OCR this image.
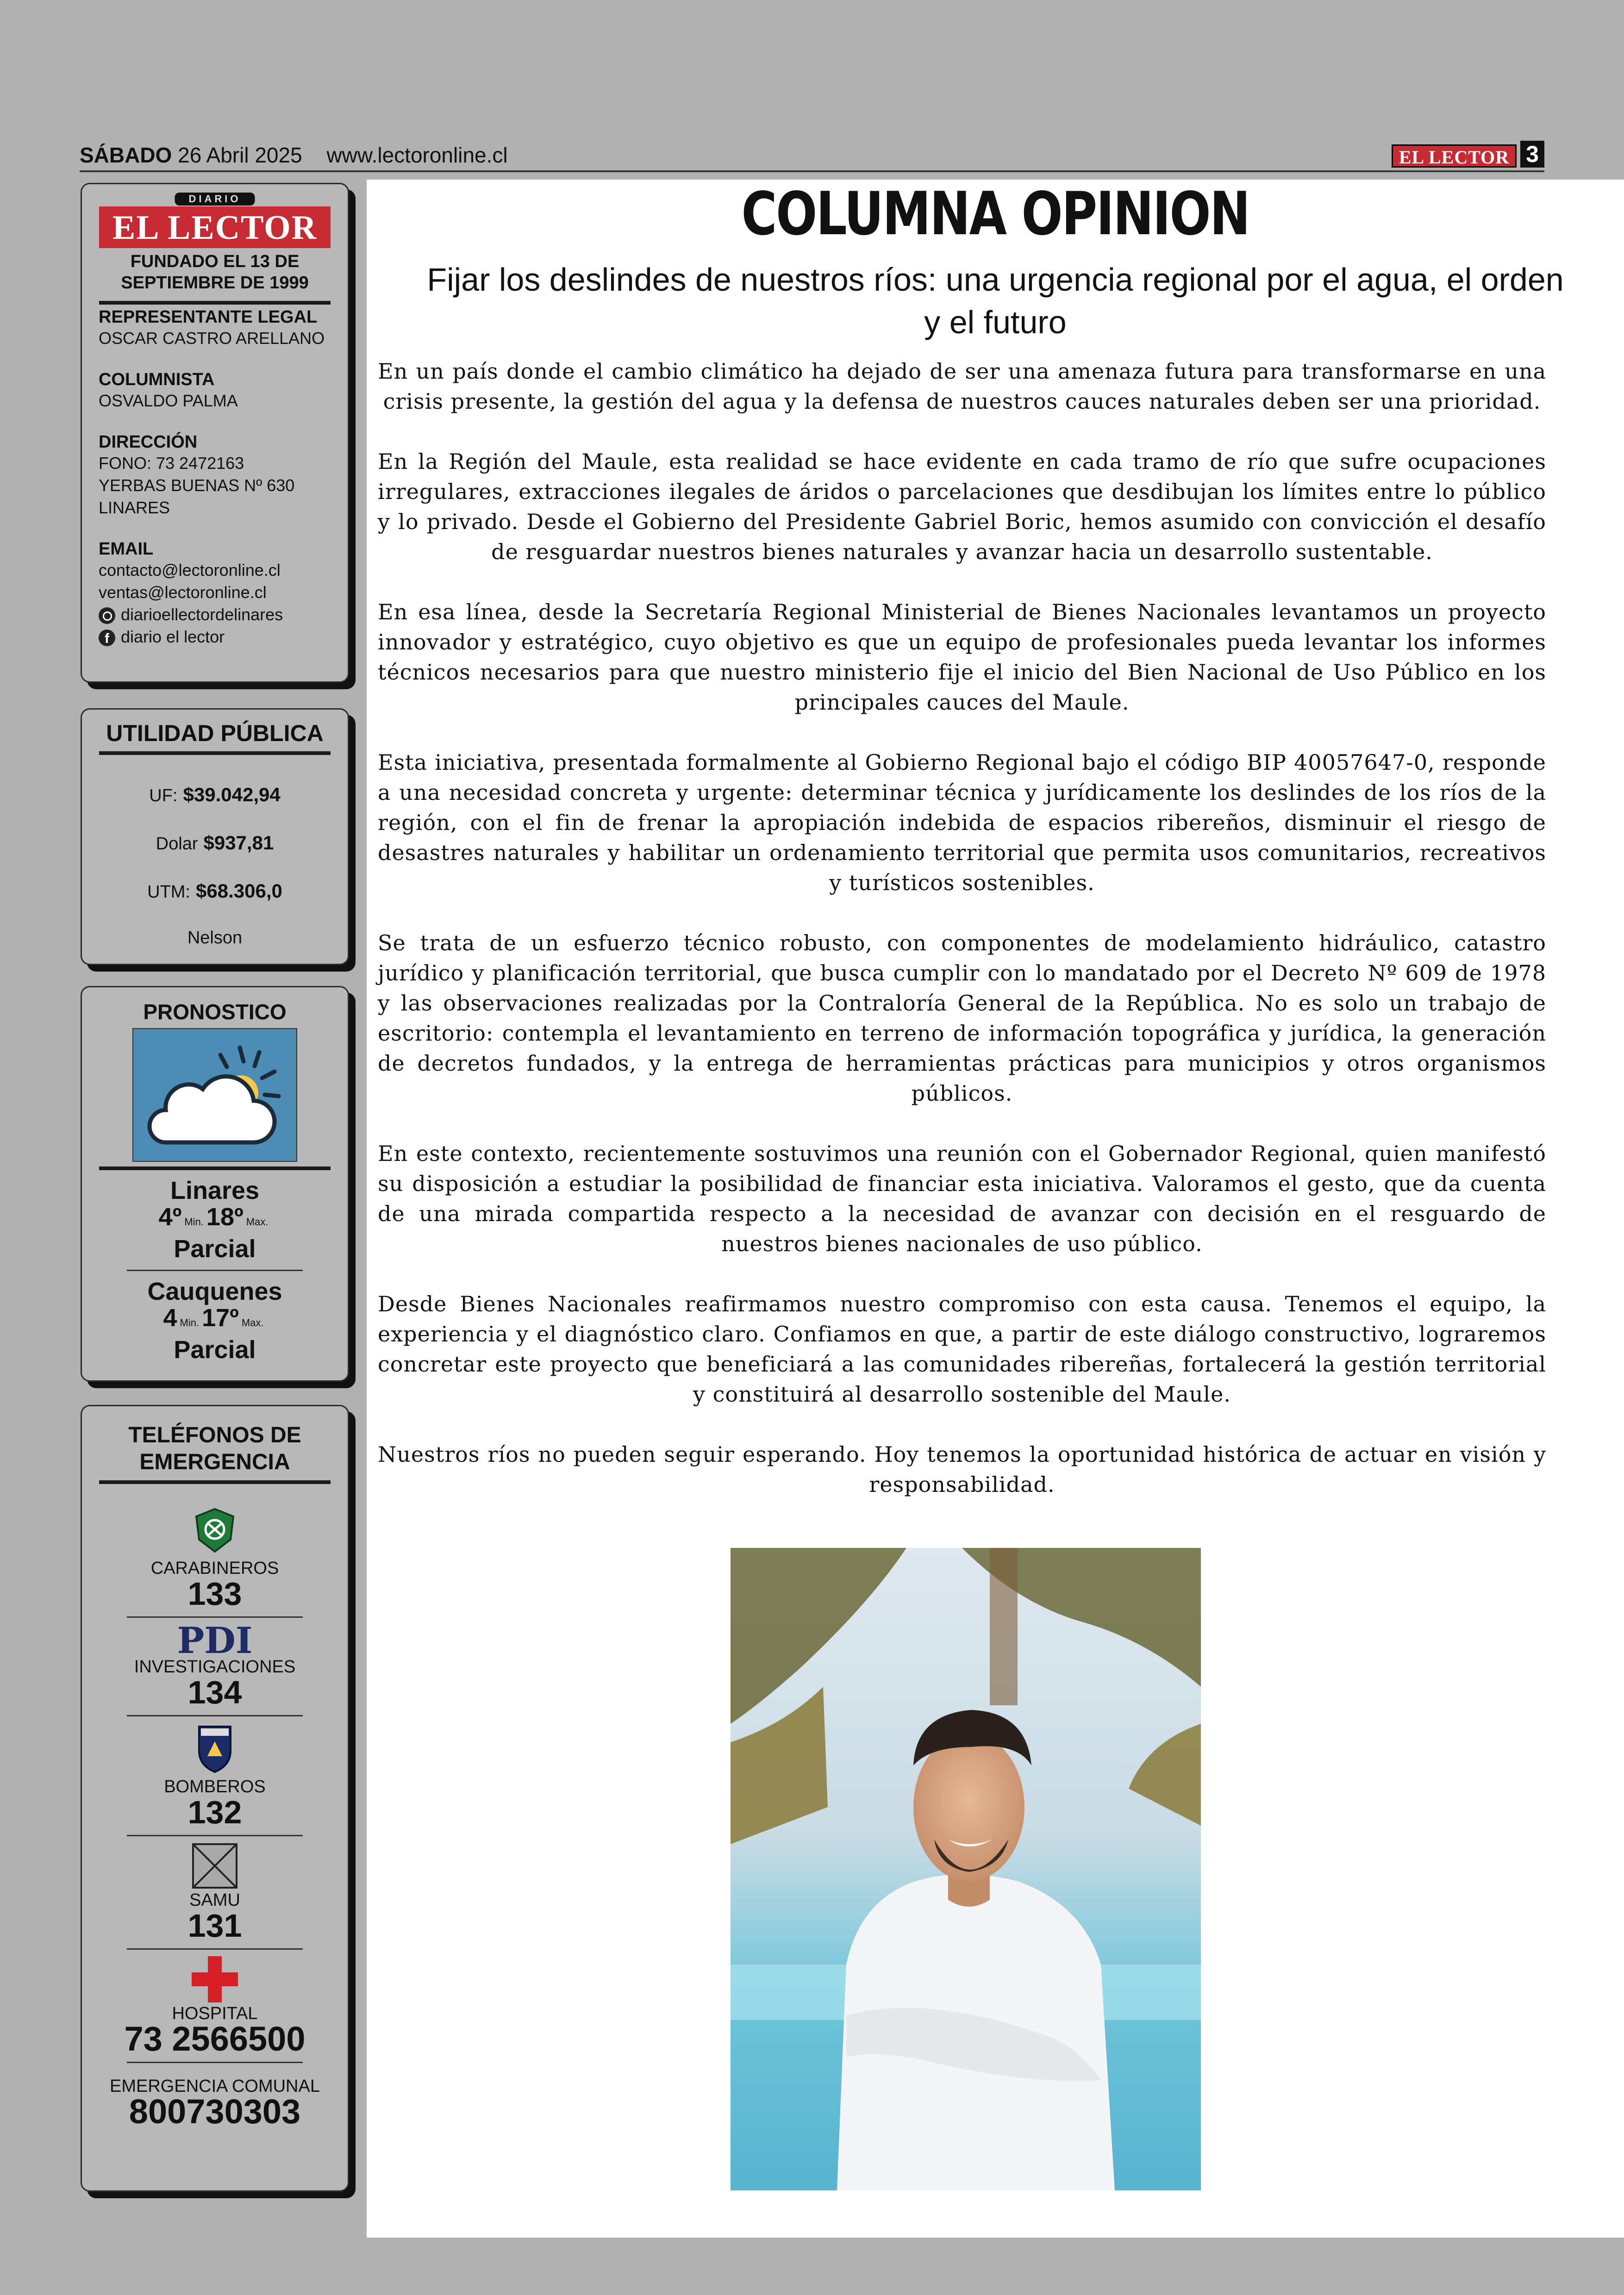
SÁBADO 26 Abril 2025 www.lectoronline.cl	EL LECTOR 3
DIARIO
EL LECTOR
FUNDADO EL 13 DE SEPTIEMBRE DE 1999
REPRESENTANTE LEGAL
OSCAR CASTRO ARELLANO
COLUMNISTA
OSVALDO PALMA
DIRECCIÓN
FONO: 73 2472163
YERBAS BUENAS Nº 630
LINARES
EMAIL
contacto@lectoronline.cl
ventas@lectoronline.cl
diarioellectordelinares
f diario el lector
UTILIDAD PÚBLICA
UF: $39.042,94
Dolar $937,81
UTM: $68.306,0
Nelson
PRONOSTICO
Linares
4º Min. 18º Max.
Parcial
Cauquenes
4 Min. 17º Max.
Parcial
TELÉFONOS DE EMERGENCIA
CARABINEROS
133
PDI
INVESTIGACIONES
134
BOMBEROS
132
SAMU
131
HOSPITAL
73 2566500
EMERGENCIA COMUNAL
800730303
COLUMNA OPINION
Fijar los deslindes de nuestros ríos: una urgencia regional por el agua, el orden y el futuro

En un país donde el cambio climático ha dejado de ser una amenaza futura para transformarse en una crisis presente, la gestión del agua y la defensa de nuestros cauces naturales deben ser una prioridad.

En la Región del Maule, esta realidad se hace evidente en cada tramo de río que sufre ocupaciones irregulares, extracciones ilegales de áridos o parcelaciones que desdibujan los límites entre lo público y lo privado. Desde el Gobierno del Presidente Gabriel Boric, hemos asumido con convicción el desafío de resguardar nuestros bienes naturales y avanzar hacia un desarrollo sustentable.

En esa línea, desde la Secretaría Regional Ministerial de Bienes Nacionales levantamos un proyecto innovador y estratégico, cuyo objetivo es que un equipo de profesionales pueda levantar los informes técnicos necesarios para que nuestro ministerio fije el inicio del Bien Nacional de Uso Público en los principales cauces del Maule.

Esta iniciativa, presentada formalmente al Gobierno Regional bajo el código BIP 40057647-0, responde a una necesidad concreta y urgente: determinar técnica y jurídicamente los deslindes de los ríos de la región, con el fin de frenar la apropiación indebida de espacios ribereños, disminuir el riesgo de desastres naturales y habilitar un ordenamiento territorial que permita usos comunitarios, recreativos y turísticos sostenibles.

Se trata de un esfuerzo técnico robusto, con componentes de modelamiento hidráulico, catastro jurídico y planificación territorial, que busca cumplir con lo mandatado por el Decreto Nº 609 de 1978 y las observaciones realizadas por la Contraloría General de la República. No es solo un trabajo de escritorio: contempla el levantamiento en terreno de información topográfica y jurídica, la generación de decretos fundados, y la entrega de herramientas prácticas para municipios y otros organismos públicos.

En este contexto, recientemente sostuvimos una reunión con el Gobernador Regional, quien manifestó su disposición a estudiar la posibilidad de financiar esta iniciativa. Valoramos el gesto, que da cuenta de una mirada compartida respecto a la necesidad de avanzar con decisión en el resguardo de nuestros bienes nacionales de uso público.

Desde Bienes Nacionales reafirmamos nuestro compromiso con esta causa. Tenemos el equipo, la experiencia y el diagnóstico claro. Confiamos en que, a partir de este diálogo constructivo, lograremos concretar este proyecto que beneficiará a las comunidades ribereñas, fortalecerá la gestión territorial y constituirá al desarrollo sostenible del Maule.

Nuestros ríos no pueden seguir esperando. Hoy tenemos la oportunidad histórica de actuar en visión y responsabilidad.
